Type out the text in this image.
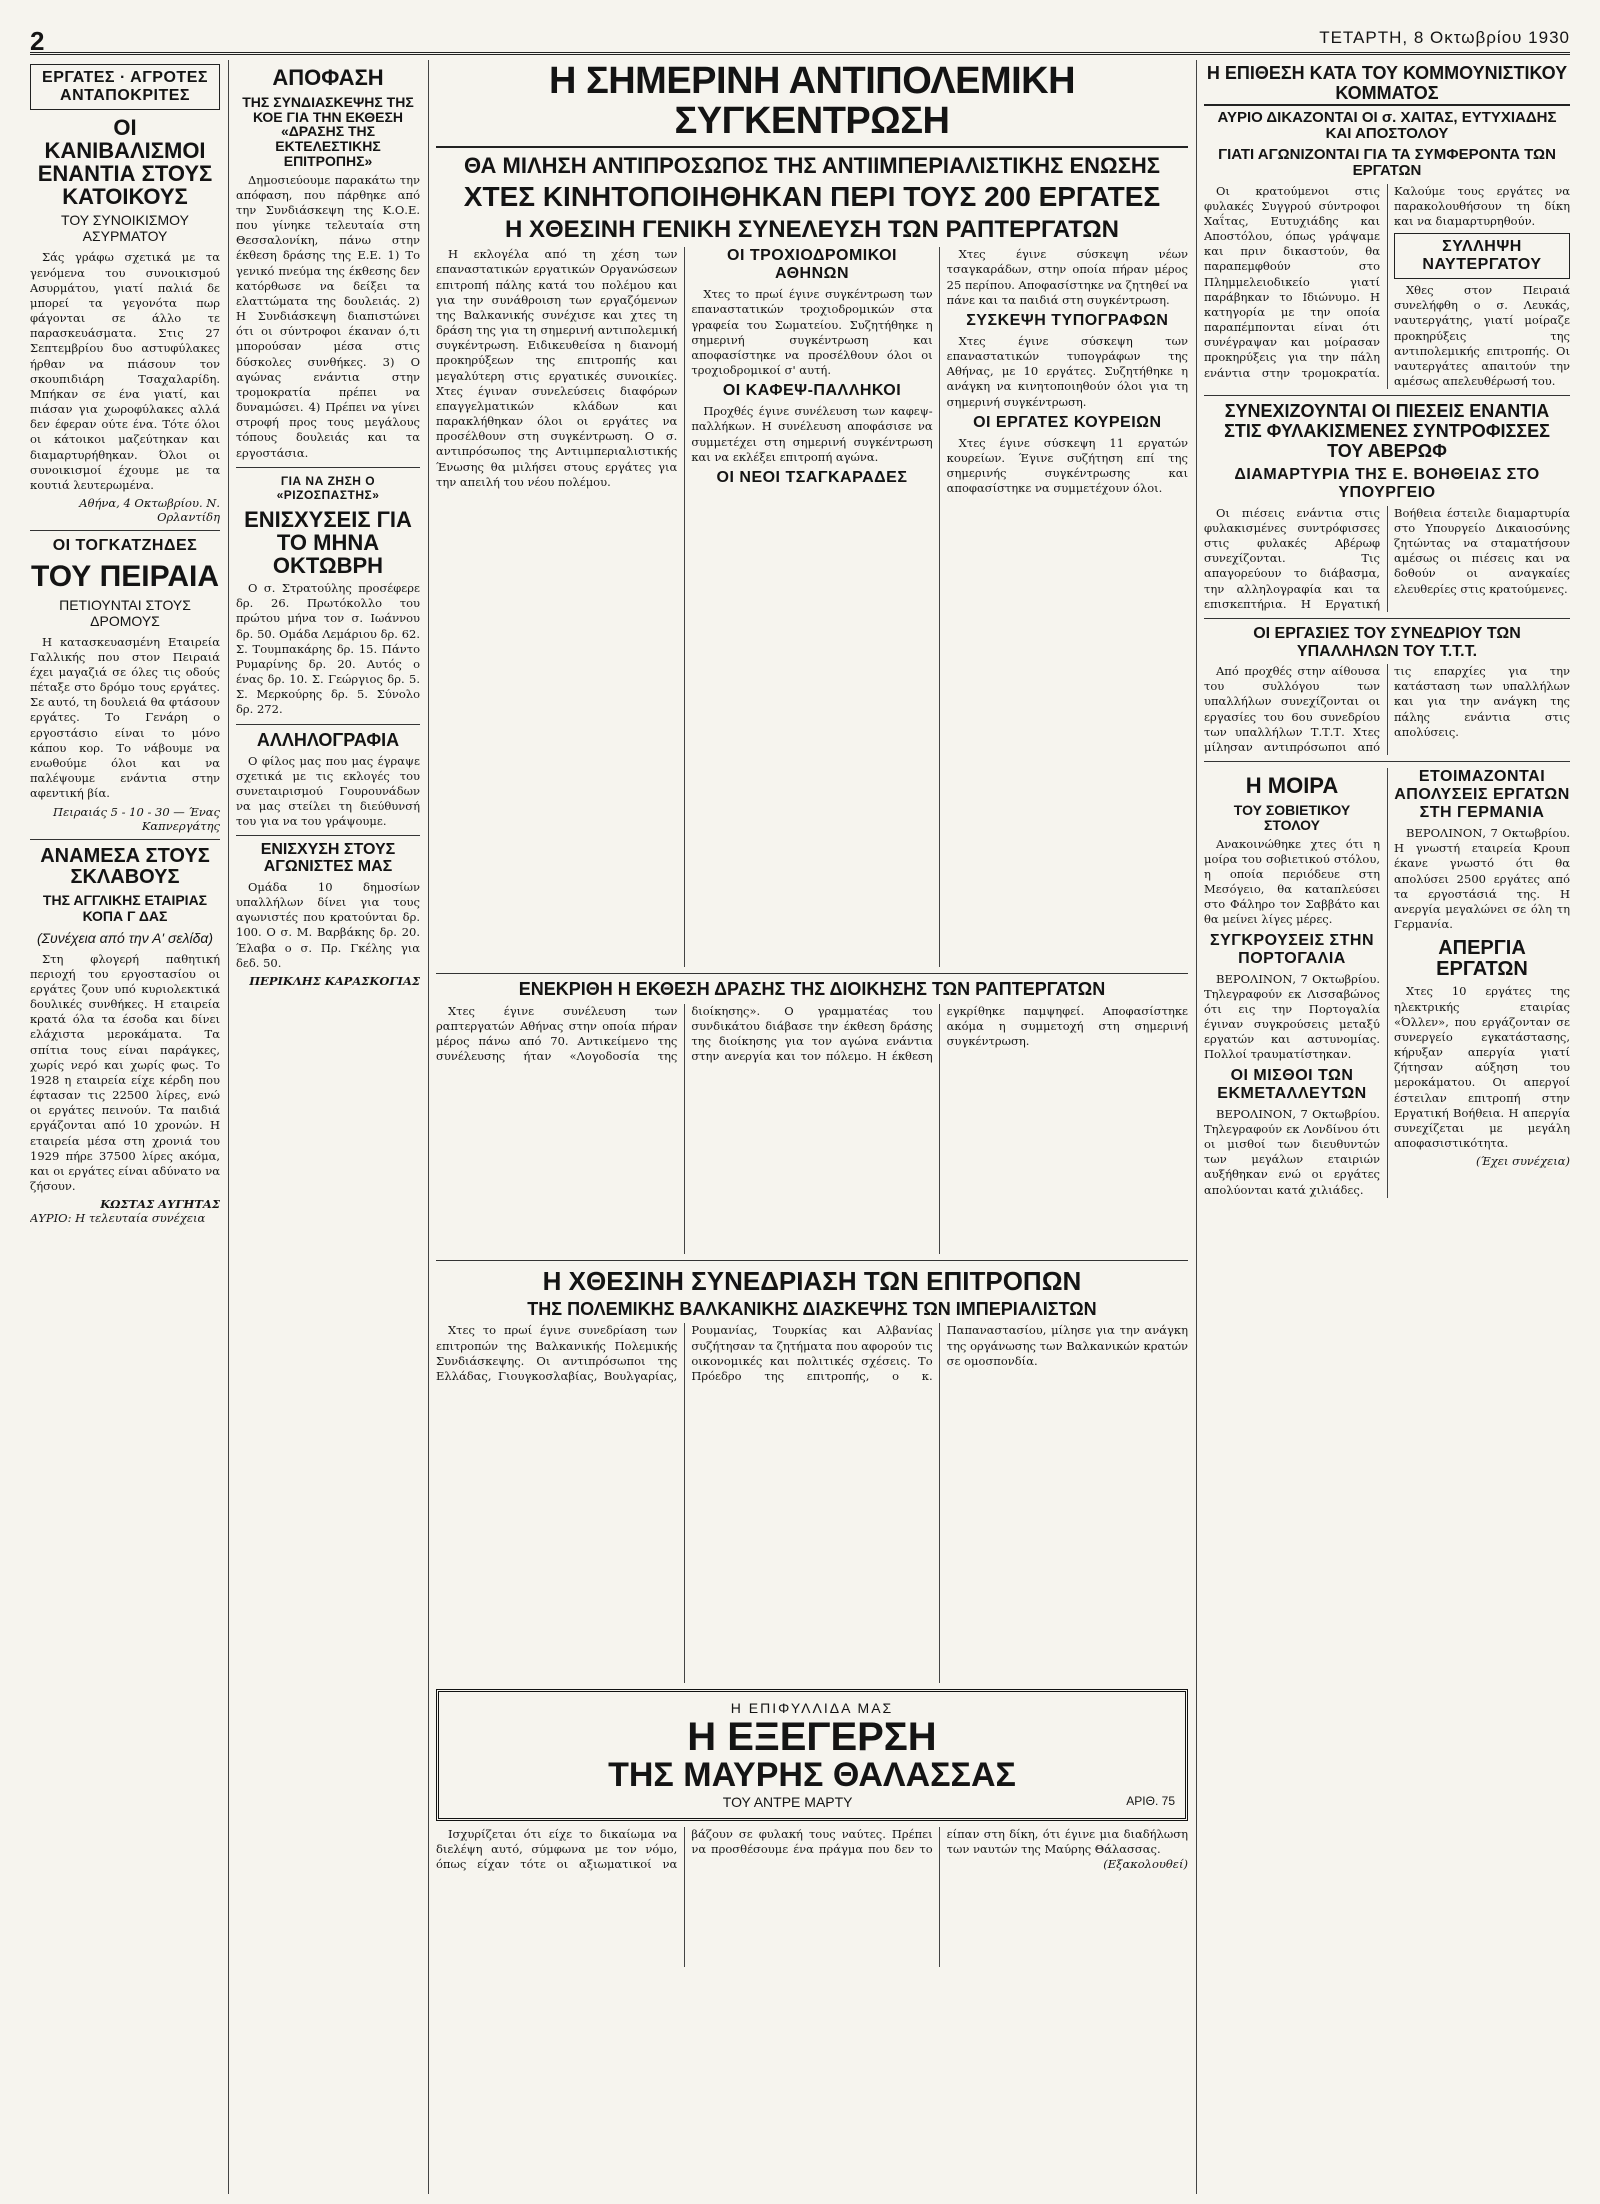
2	ΤΕΤΑΡΤΗ, 8 Οκτωβρίου 1930
ΕΡΓΑΤΕΣ · ΑΓΡΟΤΕΣ ΑΝΤΑΠΟΚΡΙΤΕΣ
ΟΙ ΚΑΝΙΒΑΛΙΣΜΟΙ ΕΝΑΝΤΙΑ ΣΤΟΥΣ ΚΑΤΟΙΚΟΥΣ
ΤΟΥ ΣΥΝΟΙΚΙΣΜΟΥ ΑΣΥΡΜΑΤΟΥ

Σάς γράφω σχετικά με τα γενόμενα του συνοικισμού Ασυρμάτου, γιατί παλιά δε μπορεί τα γεγονότα πωρ φάγονται σε άλλο τε παρασκευάσματα. Στις 27 Σεπτεμβρίου δυο αστυφύλακες ήρθαν να πιάσουν τον σκουπιδιάρη Τσαχαλαρίδη. Μπήκαν σε ένα γιατί, και πιάσαν για χωροφύλακες αλλά δεν έφεραν ούτε ένα. Τότε όλοι οι κάτοικοι μαζεύτηκαν και διαμαρτυρήθηκαν. Όλοι οι συνοικισμοί έχουμε με τα κουτιά λευτερωμένα.

Αθήνα, 4 Οκτωβρίου. Ν. Ορλαντίδη
ΟΙ ΤΟΓΚΑΤΖΗΔΕΣ
ΤΟΥ ΠΕΙΡΑΙΑ
ΠΕΤΙΟΥΝΤΑΙ ΣΤΟΥΣ ΔΡΟΜΟΥΣ

Η κατασκευασμένη Εταιρεία Γαλλικής που στον Πειραιά έχει μαγαζιά σε όλες τις οδούς πέταξε στο δρόμο τους εργάτες. Σε αυτό, τη δουλειά θα φτάσουν εργάτες. Το Γενάρη ο εργοστάσιο είναι το μόνο κάπου κορ. Το νάβουμε να ενωθούμε όλοι και να παλέψουμε ενάντια στην αφεντική βία.

Πειραιάς 5 - 10 - 30 — Ένας Καπνεργάτης
ΑΝΑΜΕΣΑ ΣΤΟΥΣ ΣΚΛΑΒΟΥΣ
ΤΗΣ ΑΓΓΛΙΚΗΣ ΕΤΑΙΡΙΑΣ ΚΟΠΑ Γ ΔΑΣ
(Συνέχεια από την Α' σελίδα)

Στη φλογερή παθητική περιοχή του εργοστασίου οι εργάτες ζουν υπό κυριολεκτικά δουλικές συνθήκες. Η εταιρεία κρατά όλα τα έσοδα και δίνει ελάχιστα μεροκάματα. Τα σπίτια τους είναι παράγκες, χωρίς νερό και χωρίς φως. Το 1928 η εταιρεία είχε κέρδη που έφτασαν τις 22500 λίρες, ενώ οι εργάτες πεινούν. Τα παιδιά εργάζονται από 10 χρονών. Η εταιρεία μέσα στη χρονιά του 1929 πήρε 37500 λίρες ακόμα, και οι εργάτες είναι αδύνατο να ζήσουν.

ΚΩΣΤΑΣ ΑΥΓΗΤΑΣ
ΑΥΡΙΟ: Η τελευταία συνέχεια
ΑΠΟΦΑΣΗ
ΤΗΣ ΣΥΝΔΙΑΣΚΕΨΗΣ ΤΗΣ ΚΟΕ ΓΙΑ ΤΗΝ ΕΚΘΕΣΗ «ΔΡΑΣΗΣ ΤΗΣ ΕΚΤΕΛΕΣΤΙΚΗΣ ΕΠΙΤΡΟΠΗΣ»

Δημοσιεύουμε παρακάτω την απόφαση, που πάρθηκε από την Συνδιάσκεψη της Κ.Ο.Ε. που γίνηκε τελευταία στη Θεσσαλονίκη, πάνω στην έκθεση δράσης της Ε.Ε. 1) Το γενικό πνεύμα της έκθεσης δεν κατόρθωσε να δείξει τα ελαττώματα της δουλειάς. 2) Η Συνδιάσκεψη διαπιστώνει ότι οι σύντροφοι έκαναν ό,τι μπορούσαν μέσα στις δύσκολες συνθήκες. 3) Ο αγώνας ενάντια στην τρομοκρατία πρέπει να δυναμώσει. 4) Πρέπει να γίνει στροφή προς τους μεγάλους τόπους δουλειάς και τα εργοστάσια.

ΓΙΑ ΝΑ ΖΗΣΗ Ο «ΡΙΖΟΣΠΑΣΤΗΣ»
ΕΝΙΣΧΥΣΕΙΣ ΓΙΑ ΤΟ ΜΗΝΑ ΟΚΤΩΒΡΗ

Ο σ. Στρατούλης προσέφερε δρ. 26. Πρωτόκολλο του πρώτου μήνα τον σ. Ιωάννου δρ. 50. Ομάδα Λεμάριου δρ. 62. Σ. Τουμπακάρης δρ. 15. Πάντο Ρυμαρίνης δρ. 20. Αυτός ο ένας δρ. 10. Σ. Γεώργιος δρ. 5. Σ. Μερκούρης δρ. 5. Σύνολο δρ. 272.

ΑΛΛΗΛΟΓΡΑΦΙΑ

Ο φίλος μας που μας έγραψε σχετικά με τις εκλογές του συνεταιρισμού Γουρουνάδων να μας στείλει τη διεύθυνσή του για να του γράψουμε.

ΕΝΙΣΧΥΣΗ ΣΤΟΥΣ ΑΓΩΝΙΣΤΕΣ ΜΑΣ

Ομάδα 10 δημοσίων υπαλλήλων δίνει για τους αγωνιστές που κρατούνται δρ. 100. Ο σ. Μ. Βαρβάκης δρ. 20. Έλαβα ο σ. Πρ. Γκέλης για δεδ. 50.

ΠΕΡΙΚΛΗΣ ΚΑΡΑΣΚΟΓΙΑΣ
Η ΣΗΜΕΡΙΝΗ ΑΝΤΙΠΟΛΕΜΙΚΗ ΣΥΓΚΕΝΤΡΩΣΗ
ΘΑ ΜΙΛΗΣΗ ΑΝΤΙΠΡΟΣΩΠΟΣ ΤΗΣ ΑΝΤΙΙΜΠΕΡΙΑΛΙΣΤΙΚΗΣ ΕΝΩΣΗΣ
ΧΤΕΣ ΚΙΝΗΤΟΠΟΙΗΘΗΚΑΝ ΠΕΡΙ ΤΟΥΣ 200 ΕΡΓΑΤΕΣ
Η ΧΘΕΣΙΝΗ ΓΕΝΙΚΗ ΣΥΝΕΛΕΥΣΗ ΤΩΝ ΡΑΠΤΕΡΓΑΤΩΝ

Η εκλογέλα από τη χέση των επαναστατικών εργατικών Οργανώσεων επιτροπή πάλης κατά του πολέμου και για την συνάθροιση των εργαζόμενων της Βαλκανικής συνέχισε και χτες τη δράση της για τη σημερινή αντιπολεμική συγκέντρωση. Ειδικευθείσα η διανομή προκηρύξεων της επιτροπής και μεγαλύτερη στις εργατικές συνοικίες. Χτες έγιναν συνελεύσεις διαφόρων επαγγελματικών κλάδων και παρακλήθηκαν όλοι οι εργάτες να προσέλθουν στη συγκέντρωση. Ο σ. αντιπρόσωπος της Αντιιμπεριαλιστικής Ένωσης θα μιλήσει στους εργάτες για την απειλή του νέου πολέμου.

ΟΙ ΤΡΟΧΙΟΔΡΟΜΙΚΟΙ ΑΘΗΝΩΝ

Χτες το πρωί έγινε συγκέντρωση των επαναστατικών τροχιοδρομικών στα γραφεία του Σωματείου. Συζητήθηκε η σημερινή συγκέντρωση και αποφασίστηκε να προσέλθουν όλοι οι τροχιοδρομικοί σ' αυτή.

ΟΙ ΚΑΦΕΨ-ΠΑΛΛΗΚΟΙ

Προχθές έγινε συνέλευση των καφεψ-παλλήκων. Η συνέλευση αποφάσισε να συμμετέχει στη σημερινή συγκέντρωση και να εκλέξει επιτροπή αγώνα.

ΟΙ ΝΕΟΙ ΤΣΑΓΚΑΡΑΔΕΣ

Χτες έγινε σύσκεψη νέων τσαγκαράδων, στην οποία πήραν μέρος 25 περίπου. Αποφασίστηκε να ζητηθεί να πάνε και τα παιδιά στη συγκέντρωση.

ΣΥΣΚΕΨΗ ΤΥΠΟΓΡΑΦΩΝ

Χτες έγινε σύσκεψη των επαναστατικών τυπογράφων της Αθήνας, με 10 εργάτες. Συζητήθηκε η ανάγκη να κινητοποιηθούν όλοι για τη σημερινή συγκέντρωση.

ΟΙ ΕΡΓΑΤΕΣ ΚΟΥΡΕΙΩΝ

Χτες έγινε σύσκεψη 11 εργατών κουρείων. Έγινε συζήτηση επί της σημερινής συγκέντρωσης και αποφασίστηκε να συμμετέχουν όλοι.

ΕΝΕΚΡΙΘΗ Η ΕΚΘΕΣΗ ΔΡΑΣΗΣ ΤΗΣ ΔΙΟΙΚΗΣΗΣ ΤΩΝ ΡΑΠΤΕΡΓΑΤΩΝ

Χτες έγινε συνέλευση των ραπτεργατών Αθήνας στην οποία πήραν μέρος πάνω από 70. Αντικείμενο της συνέλευσης ήταν «Λογοδοσία της διοίκησης». Ο γραμματέας του συνδικάτου διάβασε την έκθεση δράσης της διοίκησης για τον αγώνα ενάντια στην ανεργία και τον πόλεμο. Η έκθεση εγκρίθηκε παμψηφεί. Αποφασίστηκε ακόμα η συμμετοχή στη σημερινή συγκέντρωση.

Η ΧΘΕΣΙΝΗ ΣΥΝΕΔΡΙΑΣΗ ΤΩΝ ΕΠΙΤΡΟΠΩΝ
ΤΗΣ ΠΟΛΕΜΙΚΗΣ ΒΑΛΚΑΝΙΚΗΣ ΔΙΑΣΚΕΨΗΣ ΤΩΝ ΙΜΠΕΡΙΑΛΙΣΤΩΝ

Χτες το πρωί έγινε συνεδρίαση των επιτροπών της Βαλκανικής Πολεμικής Συνδιάσκεψης. Οι αντιπρόσωποι της Ελλάδας, Γιουγκοσλαβίας, Βουλγαρίας, Ρουμανίας, Τουρκίας και Αλβανίας συζήτησαν τα ζητήματα που αφορούν τις οικονομικές και πολιτικές σχέσεις. Το Πρόεδρο της επιτροπής, ο κ. Παπαναστασίου, μίλησε για την ανάγκη της οργάνωσης των Βαλκανικών κρατών σε ομοσπονδία.

Η ΕΠΙΦΥΛΛΙΔΑ ΜΑΣ
Η ΕΞΕΓΕΡΣΗ
ΤΗΣ ΜΑΥΡΗΣ ΘΑΛΑΣΣΑΣ
ΤΟΥ ΑΝΤΡΕ ΜΑΡΤΥ	ΑΡΙΘ. 75

Ισχυρίζεται ότι είχε το δικαίωμα να διελέψη αυτό, σύμφωνα με τον νόμο, όπως είχαν τότε οι αξιωματικοί να βάζουν σε φυλακή τους ναύτες. Πρέπει να προσθέσουμε ένα πράγμα που δεν το είπαν στη δίκη, ότι έγινε μια διαδήλωση των ναυτών της Μαύρης Θάλασσας.

(Εξακολουθεί)
Η ΕΠΙΘΕΣΗ ΚΑΤΑ ΤΟΥ ΚΟΜΜΟΥΝΙΣΤΙΚΟΥ ΚΟΜΜΑΤΟΣ
ΑΥΡΙΟ ΔΙΚΑΖΟΝΤΑΙ ΟΙ σ. ΧΑΙΤΑΣ, ΕΥΤΥΧΙΑΔΗΣ ΚΑΙ ΑΠΟΣΤΟΛΟΥ
ΓΙΑΤΙ ΑΓΩΝΙΖΟΝΤΑΙ ΓΙΑ ΤΑ ΣΥΜΦΕΡΟΝΤΑ ΤΩΝ ΕΡΓΑΤΩΝ

Οι κρατούμενοι στις φυλακές Συγγρού σύντροφοι Χαΐτας, Ευτυχιάδης και Αποστόλου, όπως γράψαμε και πριν δικαστούν, θα παραπεμφθούν στο Πλημμελειοδικείο γιατί παράβηκαν το Ιδιώνυμο. Η κατηγορία με την οποία παραπέμπονται είναι ότι συνέγραψαν και μοίρασαν προκηρύξεις για την πάλη ενάντια στην τρομοκρατία. Καλούμε τους εργάτες να παρακολουθήσουν τη δίκη και να διαμαρτυρηθούν.

ΣΥΛΛΗΨΗ ΝΑΥΤΕΡΓΑΤΟΥ

Χθες στον Πειραιά συνελήφθη ο σ. Λευκάς, ναυτεργάτης, γιατί μοίραζε προκηρύξεις της αντιπολεμικής επιτροπής. Οι ναυτεργάτες απαιτούν την αμέσως απελευθέρωσή του.

ΣΥΝΕΧΙΖΟΥΝΤΑΙ ΟΙ ΠΙΕΣΕΙΣ ΕΝΑΝΤΙΑ ΣΤΙΣ ΦΥΛΑΚΙΣΜΕΝΕΣ ΣΥΝΤΡΟΦΙΣΣΕΣ ΤΟΥ ΑΒΕΡΩΦ
ΔΙΑΜΑΡΤΥΡΙΑ ΤΗΣ Ε. ΒΟΗΘΕΙΑΣ ΣΤΟ ΥΠΟΥΡΓΕΙΟ

Οι πιέσεις ενάντια στις φυλακισμένες συντρόφισσες στις φυλακές Αβέρωφ συνεχίζονται. Τις απαγορεύουν το διάβασμα, την αλληλογραφία και τα επισκεπτήρια. Η Εργατική Βοήθεια έστειλε διαμαρτυρία στο Υπουργείο Δικαιοσύνης ζητώντας να σταματήσουν αμέσως οι πιέσεις και να δοθούν οι αναγκαίες ελευθερίες στις κρατούμενες.

ΟΙ ΕΡΓΑΣΙΕΣ ΤΟΥ ΣΥΝΕΔΡΙΟΥ ΤΩΝ ΥΠΑΛΛΗΛΩΝ ΤΟΥ Τ.Τ.Τ.

Από προχθές στην αίθουσα του συλλόγου των υπαλλήλων συνεχίζονται οι εργασίες του 6ου συνεδρίου των υπαλλήλων Τ.Τ.Τ. Χτες μίλησαν αντιπρόσωποι από τις επαρχίες για την κατάσταση των υπαλλήλων και για την ανάγκη της πάλης ενάντια στις απολύσεις.

Η ΜΟΙΡΑ
ΤΟΥ ΣΟΒΙΕΤΙΚΟΥ ΣΤΟΛΟΥ

Ανακοινώθηκε χτες ότι η μοίρα του σοβιετικού στόλου, η οποία περιόδευε στη Μεσόγειο, θα καταπλεύσει στο Φάληρο τον Σαββάτο και θα μείνει λίγες μέρες.

ΣΥΓΚΡΟΥΣΕΙΣ ΣΤΗΝ ΠΟΡΤΟΓΑΛΙΑ

ΒΕΡΟΛΙΝΟΝ, 7 Οκτωβρίου. Τηλεγραφούν εκ Λισσαβώνος ότι εις την Πορτογαλία έγιναν συγκρούσεις μεταξύ εργατών και αστυνομίας. Πολλοί τραυματίστηκαν.

ΟΙ ΜΙΣΘΟΙ ΤΩΝ ΕΚΜΕΤΑΛΛΕΥΤΩΝ

ΒΕΡΟΛΙΝΟΝ, 7 Οκτωβρίου. Τηλεγραφούν εκ Λονδίνου ότι οι μισθοί των διευθυντών των μεγάλων εταιριών αυξήθηκαν ενώ οι εργάτες απολύονται κατά χιλιάδες.

ΕΤΟΙΜΑΖΟΝΤΑΙ ΑΠΟΛΥΣΕΙΣ ΕΡΓΑΤΩΝ ΣΤΗ ΓΕΡΜΑΝΙΑ

ΒΕΡΟΛΙΝΟΝ, 7 Οκτωβρίου. Η γνωστή εταιρεία Κρουπ έκανε γνωστό ότι θα απολύσει 2500 εργάτες από τα εργοστάσιά της. Η ανεργία μεγαλώνει σε όλη τη Γερμανία.

ΑΠΕΡΓΙΑ ΕΡΓΑΤΩΝ

Χτες 10 εργάτες της ηλεκτρικής εταιρίας «Όλλεν», που εργάζονταν σε συνεργείο εγκατάστασης, κήρυξαν απεργία γιατί ζήτησαν αύξηση του μεροκάματου. Οι απεργοί έστειλαν επιτροπή στην Εργατική Βοήθεια. Η απεργία συνεχίζεται με μεγάλη αποφασιστικότητα.

(Έχει συνέχεια)
